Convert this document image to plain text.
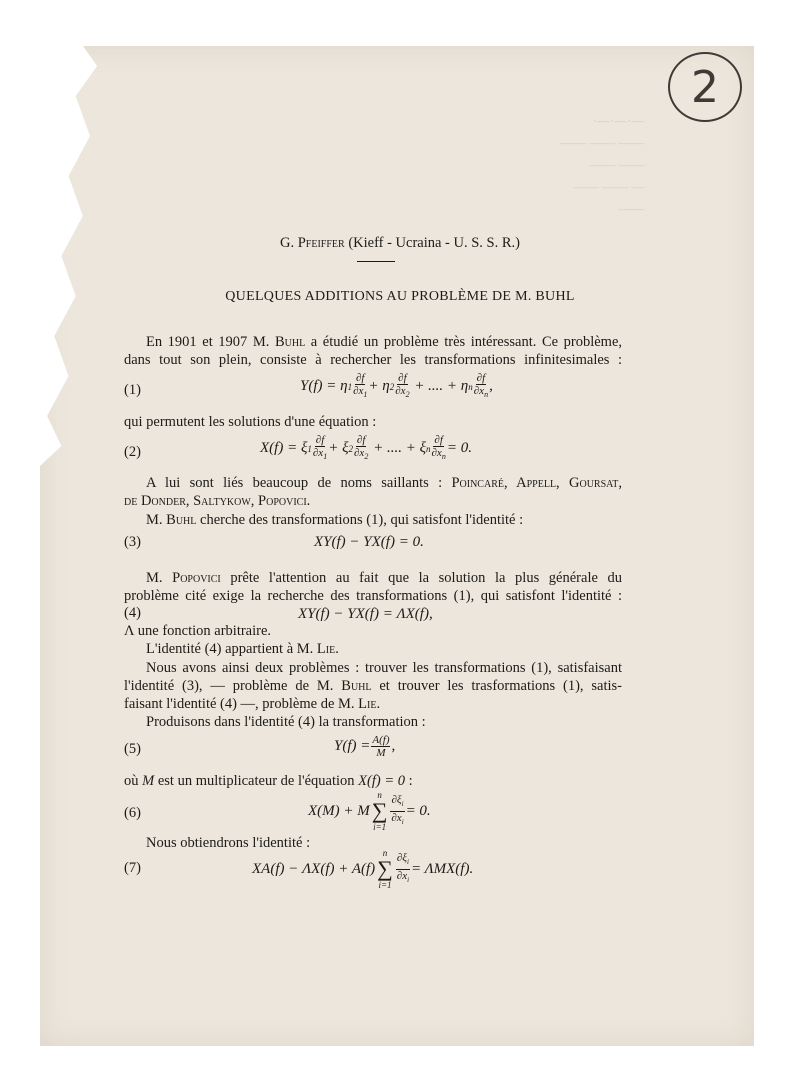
—·—·—·
—— —— ——
—— ——
— —— ——
——
2
G. Pfeiffer (Kieff - Ucraina - U. S. S. R.)
QUELQUES ADDITIONS AU PROBLÈME DE M. BUHL
En 1901 et 1907 M. Buhl a étudié un problème très intéressant. Ce problème,
dans tout son plein, consiste à rechercher les transformations infinitesimales :
(1)	Y(f) = η $1 \frac{\partial f}{\partial x_1} + \eta$ $2 \frac{\partial f}{\partial x_2}$ + .... + η n $\frac{\partial f}{\partial x_n}$ ,
qui permutent les solutions d'une équation :
(2)	X(f) = ξ $1 \frac{\partial f}{\partial x_1} + \xi$ $2 \frac{\partial f}{\partial x_2}$ + .... + ξ n $\frac{\partial f}{\partial x_n} = 0$.
A lui sont liés beaucoup de noms saillants : Poincaré, Appell, Goursat,
de Donder, Saltykow, Popovici.
M. Buhl cherche des transformations (1), qui satisfont l'identité :
(3)	XY(f) − YX(f) = 0.
M. Popovici prête l'attention au fait que la solution la plus générale du
problème cité exige la recherche des transformations (1), qui satisfont l'identité :
(4)	XY(f) − YX(f) = ΛX(f),
Λ une fonction arbitraire.
L'identité (4) appartient à M. Lie.
Nous avons ainsi deux problèmes : trouver les transformations (1), satisfaisant
l'identité (3), — problème de M. Buhl et trouver les trasformations (1), satis-
faisant l'identité (4) —, problème de M. Lie.
Produisons dans l'identité (4) la transformation :
(5)	$Y(f) = \frac{A(f)}{M}$ ,
où M est un multiplicateur de l'équation X(f) = 0 :
(6)	X(M) + M
n
∑
$i=1 \frac{\partial\xi_i}{\partial x_i} = 0$.
Nous obtiendrons l'identité :
(7)	XA(f) − ΛX(f) + A(f)
n
∑
$i=1 \frac{\partial\xi_i}{\partial x_i} = \Lambda MX(f)$.
